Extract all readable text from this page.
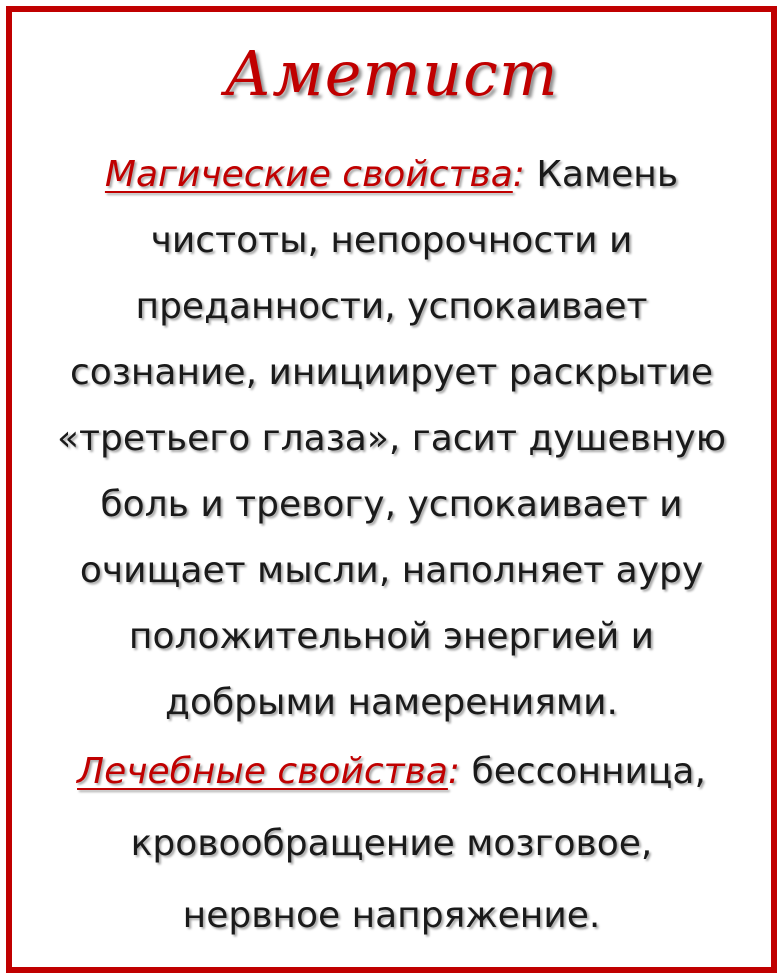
Аметист
Магические свойства: Камень
чистоты, непорочности и
преданности, успокаивает
сознание, инициирует раскрытие
«третьего глаза», гасит душевную
боль и тревогу, успокаивает и
очищает мысли, наполняет ауру
положительной энергией и
добрыми намерениями.
Лечебные свойства: бессонница,
кровообращение мозговое,
нервное напряжение.
